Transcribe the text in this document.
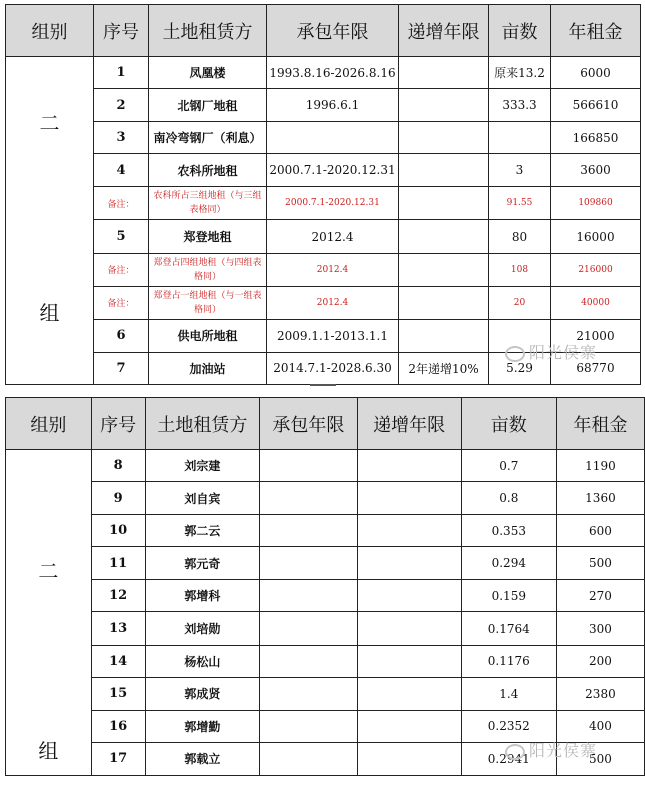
组别	序号	土地租赁方	承包年限	递增年限	亩数	年租金

二
组	1	凤凰楼	1993.8.16-2026.8.16		原来13.2	6000
	2	北钢厂地租	1996.6.1		333.3	566610
	3	南冷弯钢厂（利息）				166850
	4	农科所地租	2000.7.1-2020.12.31		3	3600
	备注：	农科所占三组地租（与三组表格同）	2000.7.1-2020.12.31		91.55	109860
	5	郑登地租	2012.4		80	16000
	备注：	郑登占四组地租（与四组表格同）	2012.4		108	216000
	备注：	郑登占一组地租（与一组表格同）	2012.4		20	40000
	6	供电所地租	2009.1.1-2013.1.1			21000
	7	加油站	2014.7.1-2028.6.30	2年递增10%	5.29	68770
组别	序号	土地租赁方	承包年限	递增年限	亩数	年租金

二
组	8	刘宗建			0.7	1190
	9	刘自宾			0.8	1360
	10	郭二云			0.353	600
	11	郭元奇			0.294	500
	12	郭增科			0.159	270
	13	刘培勋			0.1764	300
	14	杨松山			0.1176	200
	15	郭成贤			1.4	2380
	16	郭增勤			0.2352	400
	17	郭载立			0.2941	500
阳光侯寨
阳光侯寨
